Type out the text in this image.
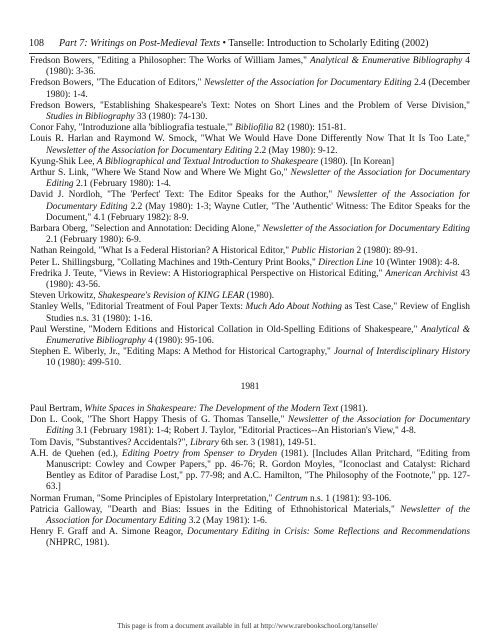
108 Part 7: Writings on Post-Medieval Texts • Tanselle: Introduction to Scholarly Editing (2002)

Fredson Bowers, "Editing a Philosopher: The Works of William James," Analytical & Enumerative Bibliography 4 (1980): 3-36.

Fredson Bowers, "The Education of Editors," Newsletter of the Association for Documentary Editing 2.4 (December 1980): 1-4.

Fredson Bowers, "Establishing Shakespeare's Text: Notes on Short Lines and the Problem of Verse Division," Studies in Bibliography 33 (1980): 74-130.

Conor Fahy, "Introduzione alla 'bibliografia testuale,'" Bibliofilia 82 (1980): 151-81.

Louis R. Harlan and Raymond W. Smock, "What We Would Have Done Differently Now That It Is Too Late," Newsletter of the Association for Documentary Editing 2.2 (May 1980): 9-12.

Kyung-Shik Lee, A Bibliographical and Textual Introduction to Shakespeare (1980). [In Korean]

Arthur S. Link, "Where We Stand Now and Where We Might Go," Newsletter of the Association for Documentary Editing 2.1 (February 1980): 1-4.

David J. Nordloh, "The 'Perfect' Text: The Editor Speaks for the Author," Newsletter of the Association for Documentary Editing 2.2 (May 1980): 1-3; Wayne Cutler, "The 'Authentic' Witness: The Editor Speaks for the Document," 4.1 (February 1982): 8-9.

Barbara Oberg, "Selection and Annotation: Deciding Alone," Newsletter of the Association for Documentary Editing 2.1 (February 1980): 6-9.

Nathan Reingold, "What Is a Federal Historian? A Historical Editor," Public Historian 2 (1980): 89-91.

Peter L. Shillingsburg, "Collating Machines and 19th-Century Print Books," Direction Line 10 (Winter 1908): 4-8.

Fredrika J. Teute, "Views in Review: A Historiographical Perspective on Historical Editing," American Archivist 43 (1980): 43-56.

Steven Urkowitz, Shakespeare's Revision of KING LEAR (1980).

Stanley Wells, "Editorial Treatment of Foul Paper Texts: Much Ado About Nothing as Test Case," Review of English Studies n.s. 31 (1980): 1-16.

Paul Werstine, "Modern Editions and Historical Collation in Old-Spelling Editions of Shakespeare," Analytical & Enumerative Bibliography 4 (1980): 95-106.

Stephen E. Wiberly, Jr., "Editing Maps: A Method for Historical Cartography," Journal of Interdisciplinary History 10 (1980): 499-510.

1981

Paul Bertram, White Spaces in Shakespeare: The Development of the Modern Text (1981).

Don L. Cook, "The Short Happy Thesis of G. Thomas Tanselle," Newsletter of the Association for Documentary Editing 3.1 (February 1981): 1-4; Robert J. Taylor, "Editorial Practices--An Historian's View," 4-8.

Tom Davis, "Substantives? Accidentals?", Library 6th ser. 3 (1981), 149-51.

A.H. de Quehen (ed.), Editing Poetry from Spenser to Dryden (1981). [Includes Allan Pritchard, "Editing from Manuscript: Cowley and Cowper Papers," pp. 46-76; R. Gordon Moyles, "Iconoclast and Catalyst: Richard Bentley as Editor of Paradise Lost," pp. 77-98; and A.C. Hamilton, "The Philosophy of the Footnote," pp. 127-63.]

Norman Fruman, "Some Principles of Epistolary Interpretation," Centrum n.s. 1 (1981): 93-106.

Patricia Galloway, "Dearth and Bias: Issues in the Editing of Ethnohistorical Materials," Newsletter of the Association for Documentary Editing 3.2 (May 1981): 1-6.

Henry F. Graff and A. Simone Reagor, Documentary Editing in Crisis: Some Reflections and Recommendations (NHPRC, 1981).

This page is from a document available in full at http://www.rarebookschool.org/tanselle/
